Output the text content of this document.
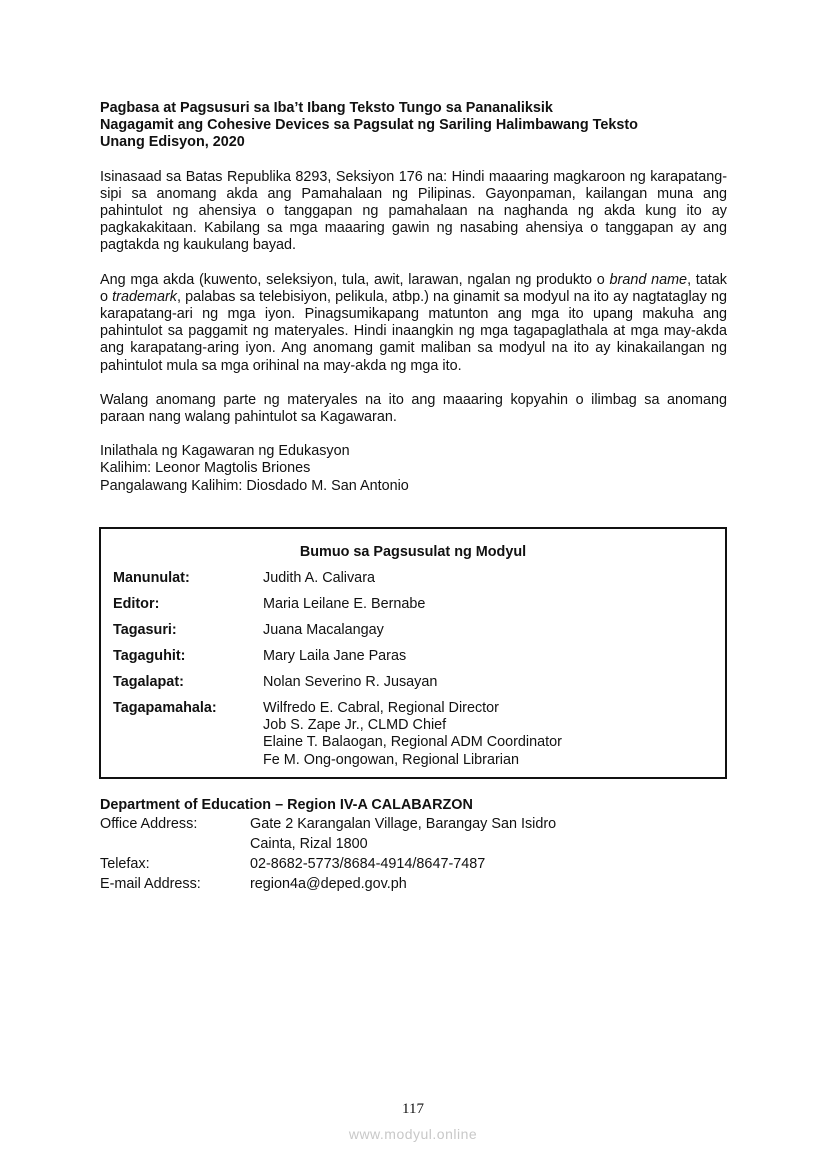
Pagbasa at Pagsusuri sa Iba’t Ibang Teksto Tungo sa Pananaliksik
Nagagamit ang Cohesive Devices sa Pagsulat ng Sariling Halimbawang Teksto
Unang Edisyon, 2020

Isinasaad sa Batas Republika 8293, Seksiyon 176 na: Hindi maaaring magkaroon ng karapatang-sipi sa anomang akda ang Pamahalaan ng Pilipinas. Gayonpaman, kailangan muna ang pahintulot ng ahensiya o tanggapan ng pamahalaan na naghanda ng akda kung ito ay pagkakakitaan. Kabilang sa mga maaaring gawin ng nasabing ahensiya o tanggapan ay ang pagtakda ng kaukulang bayad.

Ang mga akda (kuwento, seleksiyon, tula, awit, larawan, ngalan ng produkto o brand name, tatak o trademark, palabas sa telebisiyon, pelikula, atbp.) na ginamit sa modyul na ito ay nagtataglay ng karapatang-ari ng mga iyon. Pinagsumikapang matunton ang mga ito upang makuha ang pahintulot sa paggamit ng materyales. Hindi inaangkin ng mga tagapaglathala at mga may-akda ang karapatang-aring iyon. Ang anomang gamit maliban sa modyul na ito ay kinakailangan ng pahintulot mula sa mga orihinal na may-akda ng mga ito.

Walang anomang parte ng materyales na ito ang maaaring kopyahin o ilimbag sa anomang paraan nang walang pahintulot sa Kagawaran.

Inilathala ng Kagawaran ng Edukasyon
Kalihim: Leonor Magtolis Briones
Pangalawang Kalihim: Diosdado M. San Antonio
Bumuo sa Pagsusulat ng Modyul
Manunulat:	Judith A. Calivara
Editor:	Maria Leilane E. Bernabe
Tagasuri:	Juana Macalangay
Tagaguhit:	Mary Laila Jane Paras
Tagalapat:	Nolan Severino R. Jusayan
Tagapamahala:	Wilfredo E. Cabral, Regional Director
Job S. Zape Jr., CLMD Chief
Elaine T. Balaogan, Regional ADM Coordinator
Fe M. Ong-ongowan, Regional Librarian
Department of Education – Region IV-A CALABARZON
Office Address:	Gate 2 Karangalan Village, Barangay San Isidro
Cainta, Rizal 1800
Telefax:	02-8682-5773/8684-4914/8647-7487
E-mail Address:	region4a@deped.gov.ph
117
www.modyul.online
